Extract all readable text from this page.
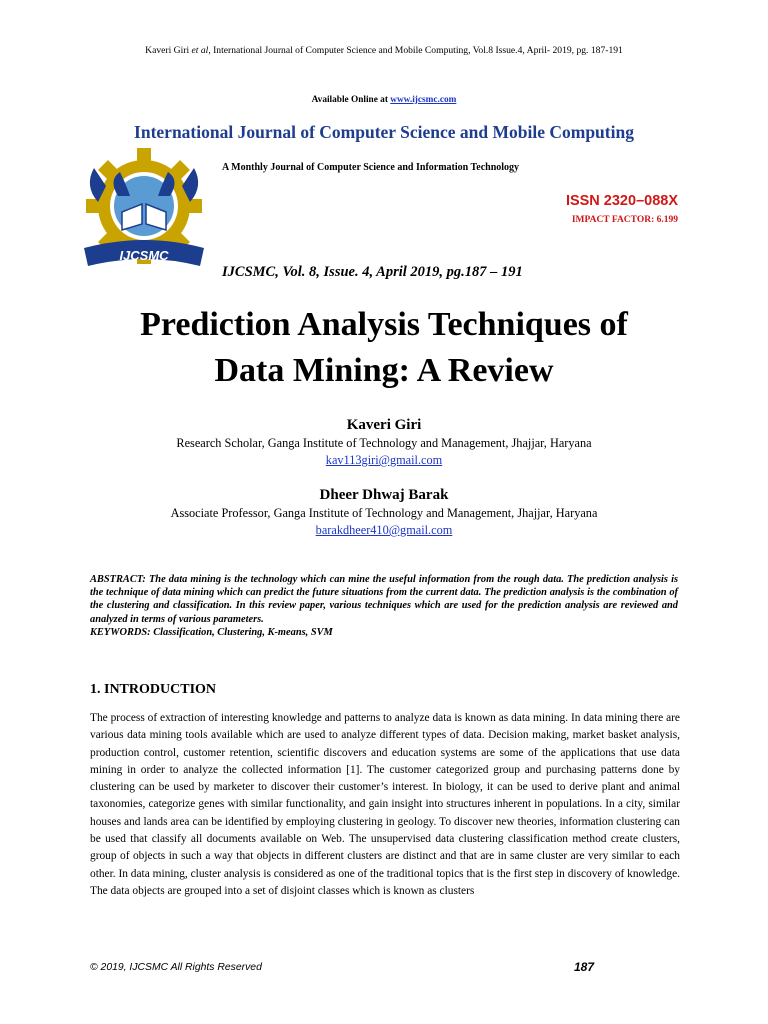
Kaveri Giri et al, International Journal of Computer Science and Mobile Computing, Vol.8 Issue.4, April- 2019, pg. 187-191
Available Online at www.ijcsmc.com
International Journal of Computer Science and Mobile Computing
IJCSMC
A Monthly Journal of Computer Science and Information Technology
ISSN 2320–088X
IMPACT FACTOR: 6.199
IJCSMC, Vol. 8, Issue. 4, April 2019, pg.187 – 191
Prediction Analysis Techniques of
Data Mining: A Review
Kaveri Giri
Research Scholar, Ganga Institute of Technology and Management, Jhajjar, Haryana
kav113giri@gmail.com
Dheer Dhwaj Barak
Associate Professor, Ganga Institute of Technology and Management, Jhajjar, Haryana
barakdheer410@gmail.com
ABSTRACT: The data mining is the technology which can mine the useful information from the rough data. The prediction analysis is the technique of data mining which can predict the future situations from the current data. The prediction analysis is the combination of the clustering and classification. In this review paper, various techniques which are used for the prediction analysis are reviewed and analyzed in terms of various parameters.
KEYWORDS: Classification, Clustering, K-means, SVM
1. INTRODUCTION
The process of extraction of interesting knowledge and patterns to analyze data is known as data mining. In data mining there are various data mining tools available which are used to analyze different types of data. Decision making, market basket analysis, production control, customer retention, scientific discovers and education systems are some of the applications that use data mining in order to analyze the collected information [1]. The customer categorized group and purchasing patterns done by clustering can be used by marketer to discover their customer’s interest. In biology, it can be used to derive plant and animal taxonomies, categorize genes with similar functionality, and gain insight into structures inherent in populations. In a city, similar houses and lands area can be identified by employing clustering in geology. To discover new theories, information clustering can be used that classify all documents available on Web. The unsupervised data clustering classification method create clusters, group of objects in such a way that objects in different clusters are distinct and that are in same cluster are very similar to each other. In data mining, cluster analysis is considered as one of the traditional topics that is the first step in discovery of knowledge. The data objects are grouped into a set of disjoint classes which is known as clusters
© 2019, IJCSMC All Rights Reserved	187
